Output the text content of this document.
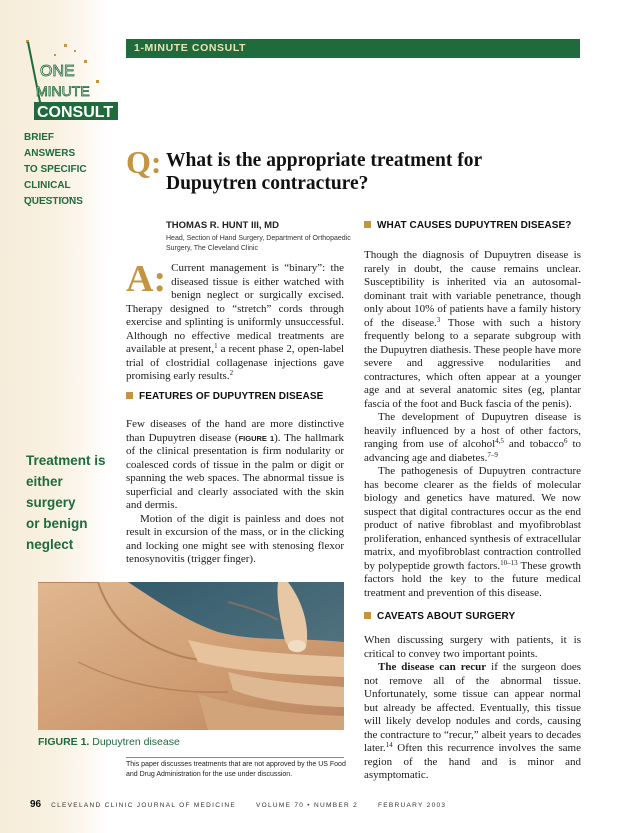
1-MINUTE CONSULT
ONE
MINUTE
CONSULT
BRIEF ANSWERS
TO SPECIFIC
CLINICAL
QUESTIONS
Q: What is the appropriate treatment for Dupuytren contracture?
Treatment is
either surgery
or benign
neglect
THOMAS R. HUNT III, MD
Head, Section of Hand Surgery, Department of Orthopaedic Surgery, The Cleveland Clinic

A: Current management is “binary”: the diseased tissue is either watched with benign neglect or surgically excised. Therapy designed to “stretch” cords through exercise and splinting is uniformly unsuccessful. Although no effective medical treatments are available at present,$^1$ a recent phase 2, open-label trial of clostridial collagenase injections gave promising early results.$^2$

FEATURES OF DUPUYTREN DISEASE

Few diseases of the hand are more distinctive than Dupuytren disease (FIGURE 1). The hallmark of the clinical presentation is firm nodularity or coalesced cords of tissue in the palm or digit or spanning the web spaces. The abnormal tissue is superficial and clearly associated with the skin and dermis.

Motion of the digit is painless and does not result in excursion of the mass, or in the clicking and locking one might see with stenosing flexor tenosynovitis (trigger finger).

FIGURE 1. Dupuytren disease
This paper discusses treatments that are not approved by the US Food and Drug Administration for the use under discussion.
WHAT CAUSES DUPUYTREN DISEASE?

Though the diagnosis of Dupuytren disease is rarely in doubt, the cause remains unclear. Susceptibility is inherited via an autosomal-dominant trait with variable penetrance, though only about 10% of patients have a family history of the disease.$^3$ Those with such a history frequently belong to a separate subgroup with the Dupuytren diathesis. These people have more severe and aggressive nodularities and contractures, which often appear at a younger age and at several anatomic sites (eg, plantar fascia of the foot and Buck fascia of the penis).

The development of Dupuytren disease is heavily influenced by a host of other factors, ranging from use of alcohol$^{4,5}$ and tobacco$^6$ to advancing age and diabetes.$^{7-9}$

The pathogenesis of Dupuytren contracture has become clearer as the fields of molecular biology and genetics have matured. We now suspect that digital contractures occur as the end product of native fibroblast and myofibroblast proliferation, enhanced synthesis of extracellular matrix, and myofibroblast contraction controlled by polypeptide growth factors.$^{10-13}$ These growth factors hold the key to the future medical treatment and prevention of this disease.

CAVEATS ABOUT SURGERY

When discussing surgery with patients, it is critical to convey two important points.

The disease can recur if the surgeon does not remove all of the abnormal tissue. Unfortunately, some tissue can appear normal but already be affected. Eventually, this tissue will likely develop nodules and cords, causing the contracture to “recur,” albeit years to decades later.$^{14}$ Often this recurrence involves the same region of the hand and is minor and asymptomatic.

96 CLEVELAND CLINIC JOURNAL OF MEDICINE	VOLUME 70 • NUMBER 2	FEBRUARY 2003
